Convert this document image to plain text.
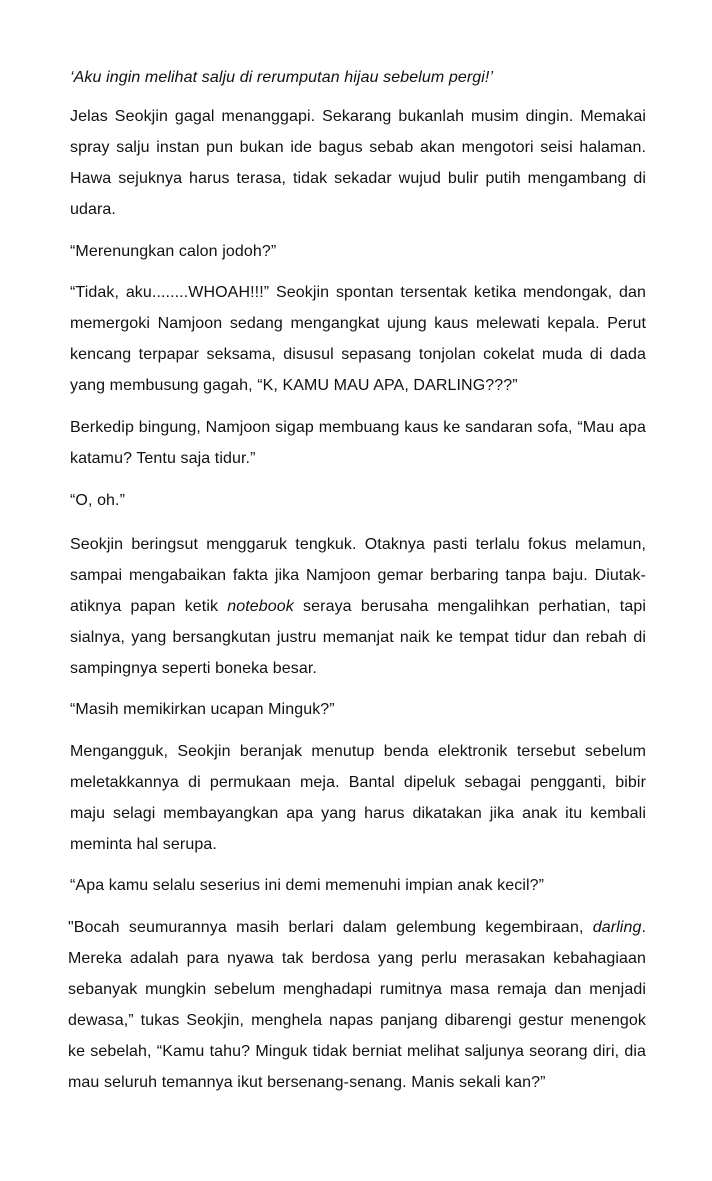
‘Aku ingin melihat salju di rerumputan hijau sebelum pergi!’

Jelas Seokjin gagal menanggapi. Sekarang bukanlah musim dingin. Memakai spray salju instan pun bukan ide bagus sebab akan mengotori seisi halaman. Hawa sejuknya harus terasa, tidak sekadar wujud bulir putih mengambang di udara.

“Merenungkan calon jodoh?”

“Tidak, aku........WHOAH!!!” Seokjin spontan tersentak ketika mendongak, dan memergoki Namjoon sedang mengangkat ujung kaus melewati kepala. Perut kencang terpapar seksama, disusul sepasang tonjolan cokelat muda di dada yang membusung gagah, “K, KAMU MAU APA, DARLING???”

Berkedip bingung, Namjoon sigap membuang kaus ke sandaran sofa, “Mau apa katamu? Tentu saja tidur.”

“O, oh.”

Seokjin beringsut menggaruk tengkuk. Otaknya pasti terlalu fokus melamun, sampai mengabaikan fakta jika Namjoon gemar berbaring tanpa baju. Diutak-atiknya papan ketik notebook seraya berusaha mengalihkan perhatian, tapi sialnya, yang bersangkutan justru memanjat naik ke tempat tidur dan rebah di sampingnya seperti boneka besar.

“Masih memikirkan ucapan Minguk?”

Mengangguk, Seokjin beranjak menutup benda elektronik tersebut sebelum meletakkannya di permukaan meja. Bantal dipeluk sebagai pengganti, bibir maju selagi membayangkan apa yang harus dikatakan jika anak itu kembali meminta hal serupa.

“Apa kamu selalu seserius ini demi memenuhi impian anak kecil?”

"Bocah seumurannya masih berlari dalam gelembung kegembiraan, darling. Mereka adalah para nyawa tak berdosa yang perlu merasakan kebahagiaan sebanyak mungkin sebelum menghadapi rumitnya masa remaja dan menjadi dewasa,” tukas Seokjin, menghela napas panjang dibarengi gestur menengok ke sebelah, “Kamu tahu? Minguk tidak berniat melihat saljunya seorang diri, dia mau seluruh temannya ikut bersenang-senang. Manis sekali kan?”
